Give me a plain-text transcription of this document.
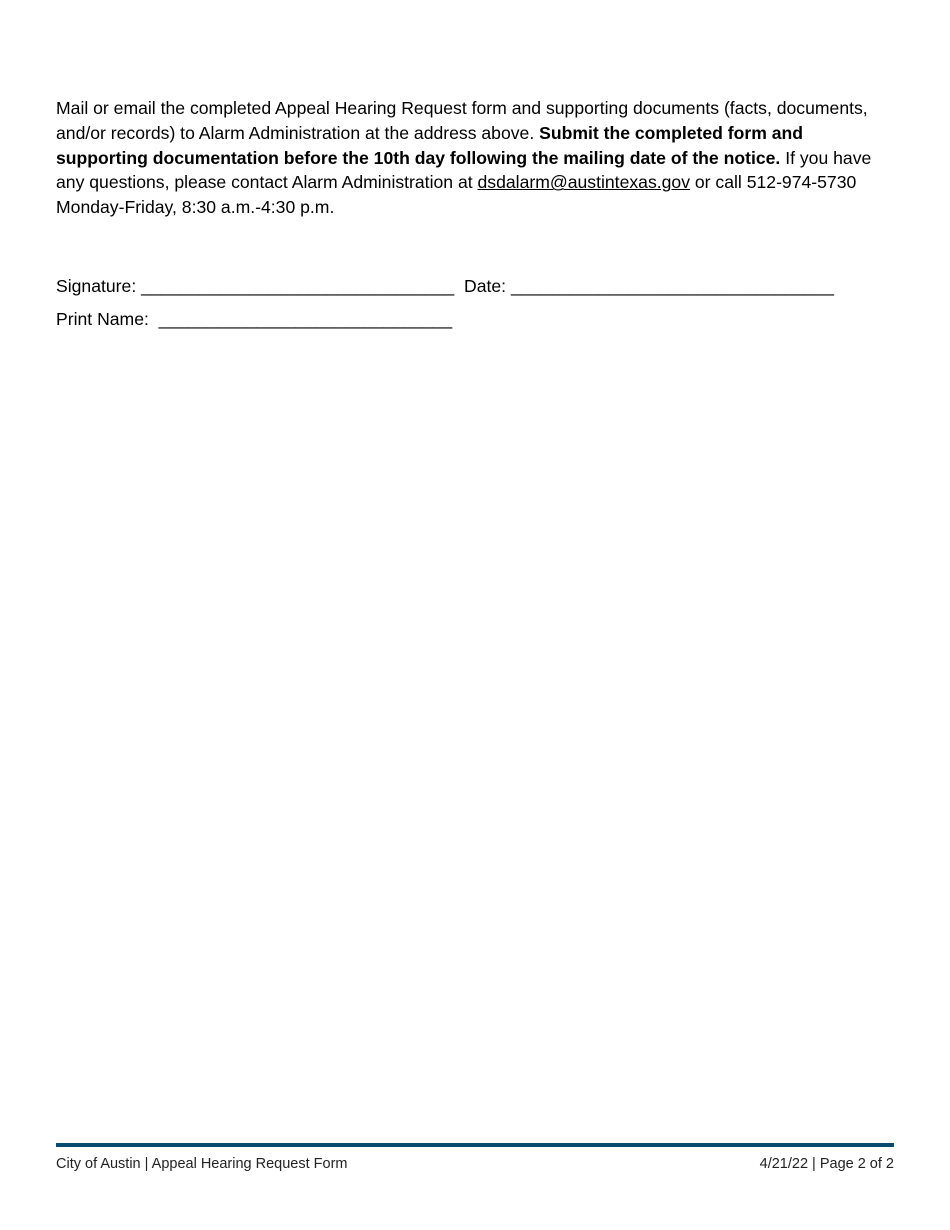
Mail or email the completed Appeal Hearing Request form and supporting documents (facts, documents, and/or records) to Alarm Administration at the address above. Submit the completed form and supporting documentation before the 10th day following the mailing date of the notice. If you have any questions, please contact Alarm Administration at dsdalarm@austintexas.gov or call 512-974-5730 Monday-Friday, 8:30 a.m.-4:30 p.m.

Signature: ________________________________ Date: _________________________________
Print Name: ______________________________
City of Austin | Appeal Hearing Request Form	4/21/22 | Page 2 of 2
